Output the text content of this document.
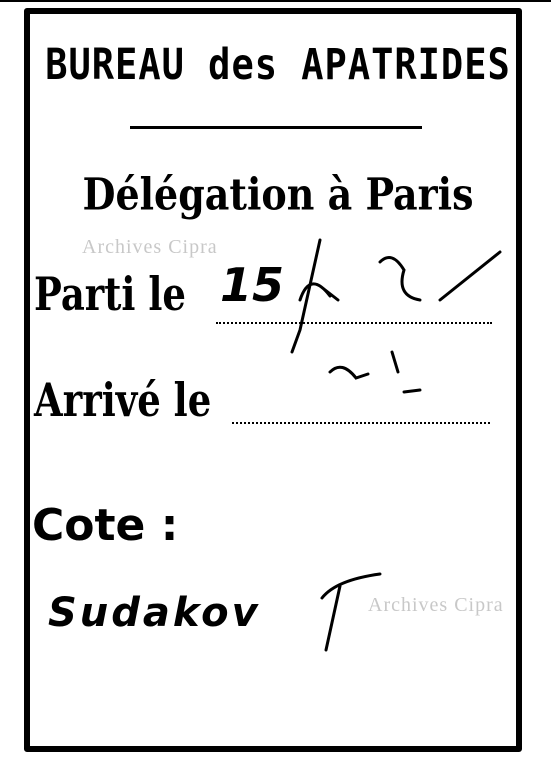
BUREAU des APATRIDES
Délégation à Paris
Archives Cipra
Parti le 15
Arrivé le
Cote :
Sudakov	Archives Cipra
